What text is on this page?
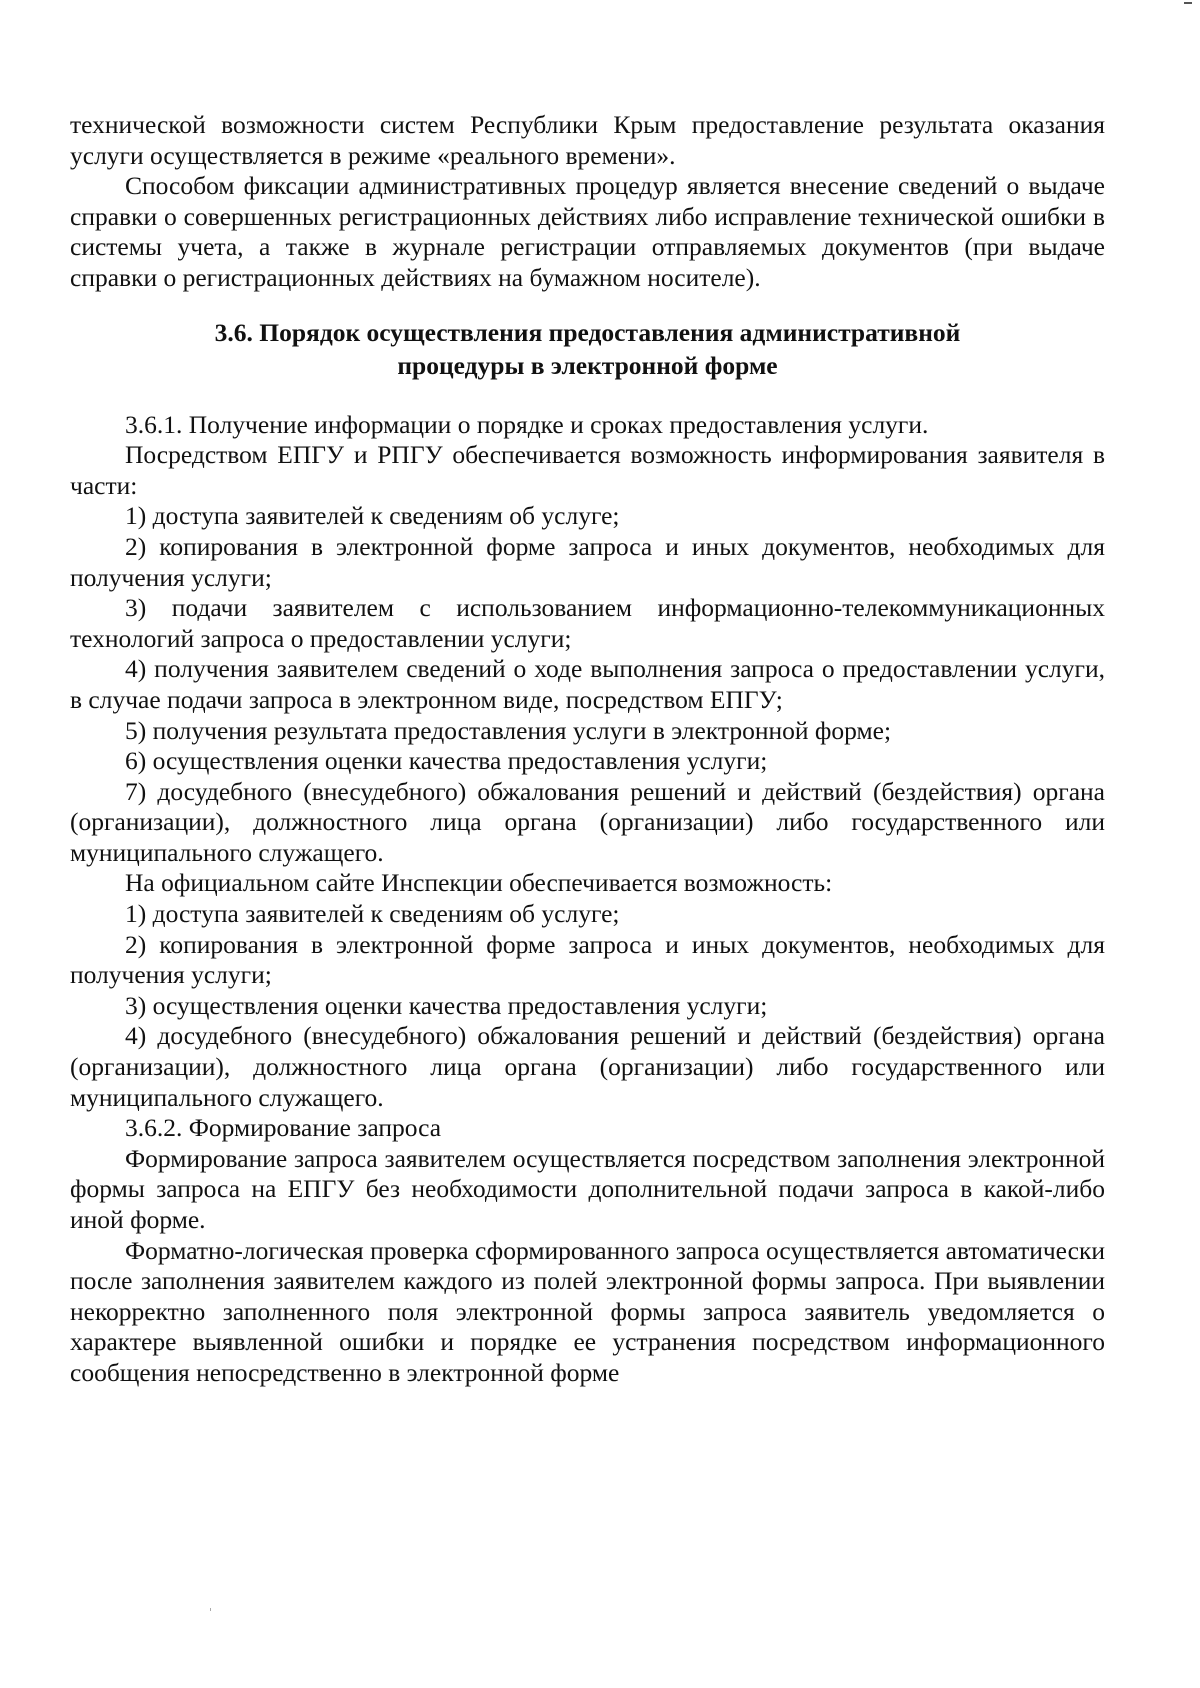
технической возможности систем Республики Крым предоставление результата оказания услуги осуществляется в режиме «реального времени».

Способом фиксации административных процедур является внесение сведений о выдаче справки о совершенных регистрационных действиях либо исправление технической ошибки в системы учета, а также в журнале регистрации отправляемых документов (при выдаче справки о регистрационных действиях на бумажном носителе).

3.6. Порядок осуществления предоставления административной

процедуры в электронной форме

3.6.1. Получение информации о порядке и сроках предоставления услуги.

Посредством ЕПГУ и РПГУ обеспечивается возможность информирования заявителя в части:

1) доступа заявителей к сведениям об услуге;

2) копирования в электронной форме запроса и иных документов, необходимых для получения услуги;

3) подачи заявителем с использованием информационно-телекоммуникационных технологий запроса о предоставлении услуги;

4) получения заявителем сведений о ходе выполнения запроса о предоставлении услуги, в случае подачи запроса в электронном виде, посредством ЕПГУ;

5) получения результата предоставления услуги в электронной форме;

6) осуществления оценки качества предоставления услуги;

7) досудебного (внесудебного) обжалования решений и действий (бездействия) органа (организации), должностного лица органа (организации) либо государственного или муниципального служащего.

На официальном сайте Инспекции обеспечивается возможность:

1) доступа заявителей к сведениям об услуге;

2) копирования в электронной форме запроса и иных документов, необходимых для получения услуги;

3) осуществления оценки качества предоставления услуги;

4) досудебного (внесудебного) обжалования решений и действий (бездействия) органа (организации), должностного лица органа (организации) либо государственного или муниципального служащего.

3.6.2. Формирование запроса

Формирование запроса заявителем осуществляется посредством заполнения электронной формы запроса на ЕПГУ без необходимости дополнительной подачи запроса в какой-либо иной форме.

Форматно-логическая проверка сформированного запроса осуществляется автоматически после заполнения заявителем каждого из полей электронной формы запроса. При выявлении некорректно заполненного поля электронной формы запроса заявитель уведомляется о характере выявленной ошибки и порядке ее устранения посредством информационного сообщения непосредственно в электронной форме
